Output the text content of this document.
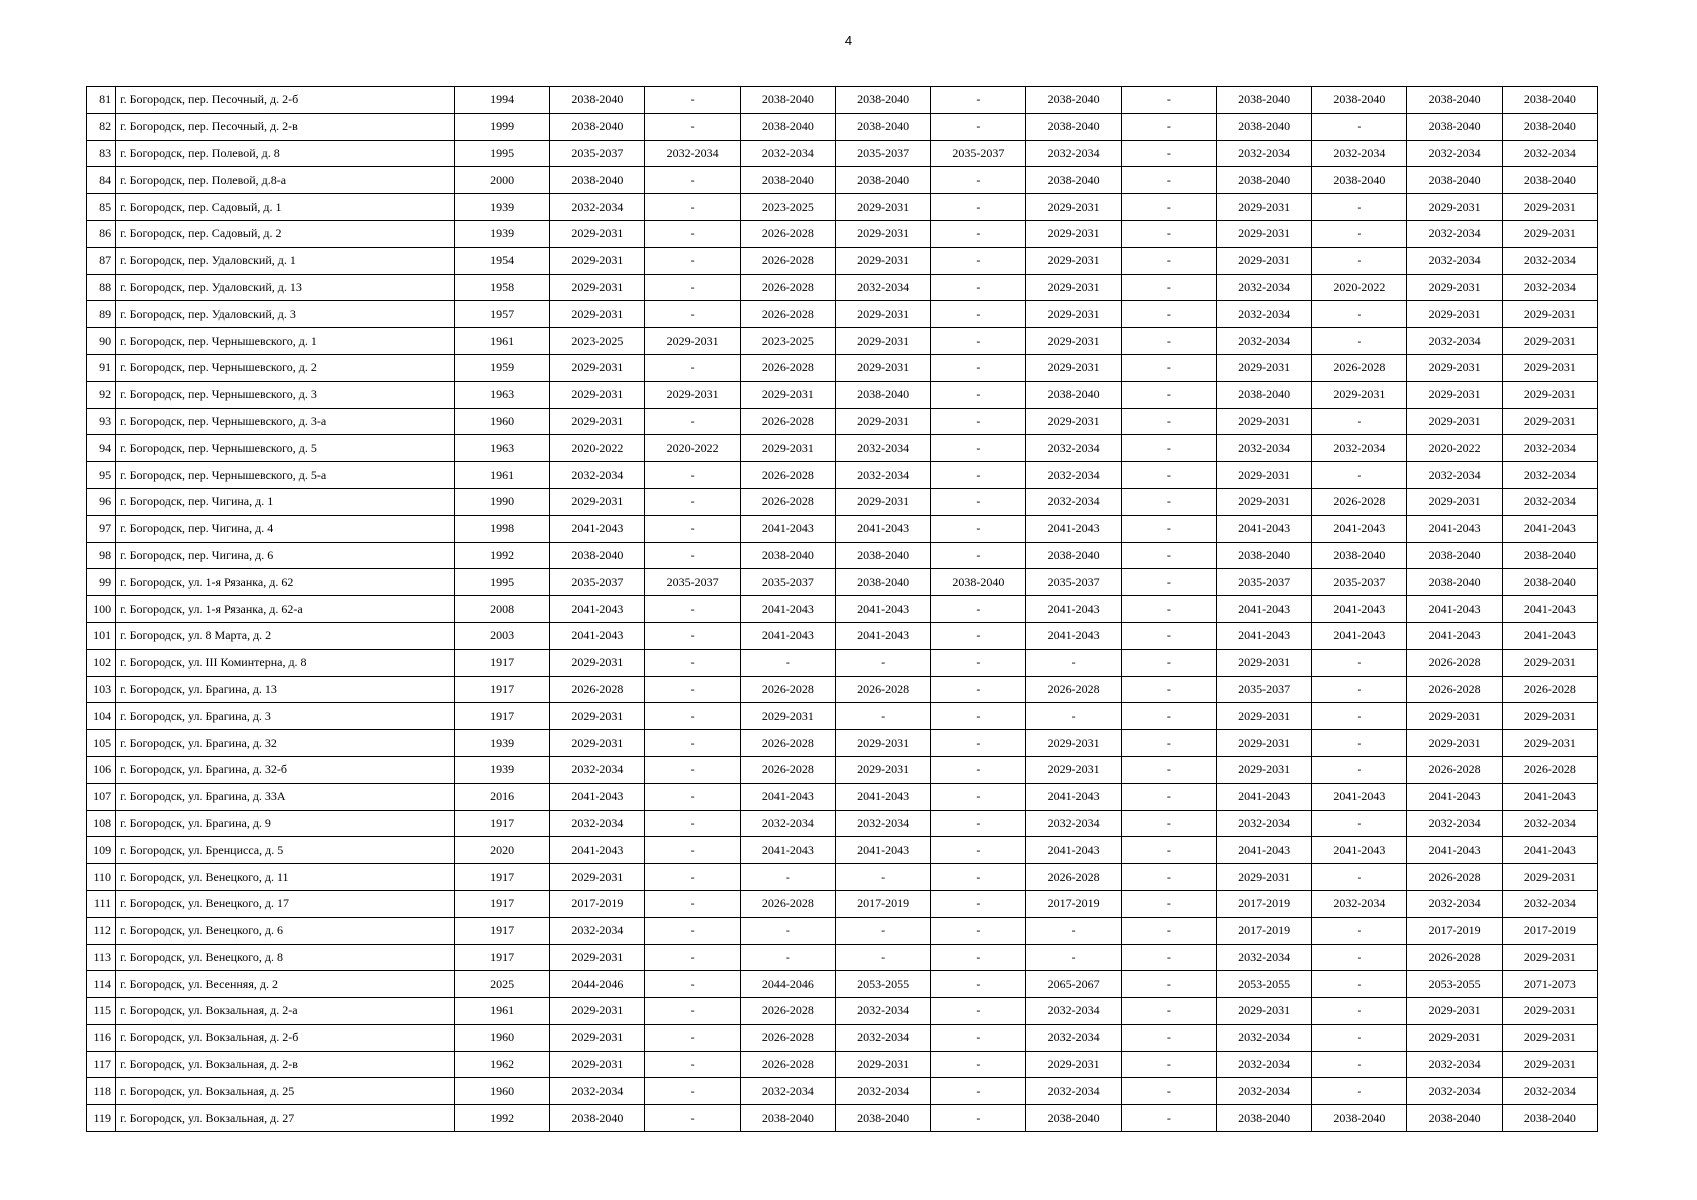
4
81	г. Богородск, пер. Песочный, д. 2-б	1994	2038-2040	-	2038-2040	2038-2040	-	2038-2040	-	2038-2040	2038-2040	2038-2040	2038-2040
82	г. Богородск, пер. Песочный, д. 2-в	1999	2038-2040	-	2038-2040	2038-2040	-	2038-2040	-	2038-2040	-	2038-2040	2038-2040
83	г. Богородск, пер. Полевой, д. 8	1995	2035-2037	2032-2034	2032-2034	2035-2037	2035-2037	2032-2034	-	2032-2034	2032-2034	2032-2034	2032-2034
84	г. Богородск, пер. Полевой, д.8-а	2000	2038-2040	-	2038-2040	2038-2040	-	2038-2040	-	2038-2040	2038-2040	2038-2040	2038-2040
85	г. Богородск, пер. Садовый, д. 1	1939	2032-2034	-	2023-2025	2029-2031	-	2029-2031	-	2029-2031	-	2029-2031	2029-2031
86	г. Богородск, пер. Садовый, д. 2	1939	2029-2031	-	2026-2028	2029-2031	-	2029-2031	-	2029-2031	-	2032-2034	2029-2031
87	г. Богородск, пер. Удаловский, д. 1	1954	2029-2031	-	2026-2028	2029-2031	-	2029-2031	-	2029-2031	-	2032-2034	2032-2034
88	г. Богородск, пер. Удаловский, д. 13	1958	2029-2031	-	2026-2028	2032-2034	-	2029-2031	-	2032-2034	2020-2022	2029-2031	2032-2034
89	г. Богородск, пер. Удаловский, д. 3	1957	2029-2031	-	2026-2028	2029-2031	-	2029-2031	-	2032-2034	-	2029-2031	2029-2031
90	г. Богородск, пер. Чернышевского, д. 1	1961	2023-2025	2029-2031	2023-2025	2029-2031	-	2029-2031	-	2032-2034	-	2032-2034	2029-2031
91	г. Богородск, пер. Чернышевского, д. 2	1959	2029-2031	-	2026-2028	2029-2031	-	2029-2031	-	2029-2031	2026-2028	2029-2031	2029-2031
92	г. Богородск, пер. Чернышевского, д. 3	1963	2029-2031	2029-2031	2029-2031	2038-2040	-	2038-2040	-	2038-2040	2029-2031	2029-2031	2029-2031
93	г. Богородск, пер. Чернышевского, д. 3-а	1960	2029-2031	-	2026-2028	2029-2031	-	2029-2031	-	2029-2031	-	2029-2031	2029-2031
94	г. Богородск, пер. Чернышевского, д. 5	1963	2020-2022	2020-2022	2029-2031	2032-2034	-	2032-2034	-	2032-2034	2032-2034	2020-2022	2032-2034
95	г. Богородск, пер. Чернышевского, д. 5-а	1961	2032-2034	-	2026-2028	2032-2034	-	2032-2034	-	2029-2031	-	2032-2034	2032-2034
96	г. Богородск, пер. Чигина, д. 1	1990	2029-2031	-	2026-2028	2029-2031	-	2032-2034	-	2029-2031	2026-2028	2029-2031	2032-2034
97	г. Богородск, пер. Чигина, д. 4	1998	2041-2043	-	2041-2043	2041-2043	-	2041-2043	-	2041-2043	2041-2043	2041-2043	2041-2043
98	г. Богородск, пер. Чигина, д. 6	1992	2038-2040	-	2038-2040	2038-2040	-	2038-2040	-	2038-2040	2038-2040	2038-2040	2038-2040
99	г. Богородск, ул. 1-я Рязанка, д. 62	1995	2035-2037	2035-2037	2035-2037	2038-2040	2038-2040	2035-2037	-	2035-2037	2035-2037	2038-2040	2038-2040
100	г. Богородск, ул. 1-я Рязанка, д. 62-а	2008	2041-2043	-	2041-2043	2041-2043	-	2041-2043	-	2041-2043	2041-2043	2041-2043	2041-2043
101	г. Богородск, ул. 8 Марта, д. 2	2003	2041-2043	-	2041-2043	2041-2043	-	2041-2043	-	2041-2043	2041-2043	2041-2043	2041-2043
102	г. Богородск, ул. III Коминтерна, д. 8	1917	2029-2031	-	-	-	-	-	-	2029-2031	-	2026-2028	2029-2031
103	г. Богородск, ул. Брагина, д. 13	1917	2026-2028	-	2026-2028	2026-2028	-	2026-2028	-	2035-2037	-	2026-2028	2026-2028
104	г. Богородск, ул. Брагина, д. 3	1917	2029-2031	-	2029-2031	-	-	-	-	2029-2031	-	2029-2031	2029-2031
105	г. Богородск, ул. Брагина, д. 32	1939	2029-2031	-	2026-2028	2029-2031	-	2029-2031	-	2029-2031	-	2029-2031	2029-2031
106	г. Богородск, ул. Брагина, д. 32-б	1939	2032-2034	-	2026-2028	2029-2031	-	2029-2031	-	2029-2031	-	2026-2028	2026-2028
107	г. Богородск, ул. Брагина, д. 33А	2016	2041-2043	-	2041-2043	2041-2043	-	2041-2043	-	2041-2043	2041-2043	2041-2043	2041-2043
108	г. Богородск, ул. Брагина, д. 9	1917	2032-2034	-	2032-2034	2032-2034	-	2032-2034	-	2032-2034	-	2032-2034	2032-2034
109	г. Богородск, ул. Бренцисса, д. 5	2020	2041-2043	-	2041-2043	2041-2043	-	2041-2043	-	2041-2043	2041-2043	2041-2043	2041-2043
110	г. Богородск, ул. Венецкого, д. 11	1917	2029-2031	-	-	-	-	2026-2028	-	2029-2031	-	2026-2028	2029-2031
111	г. Богородск, ул. Венецкого, д. 17	1917	2017-2019	-	2026-2028	2017-2019	-	2017-2019	-	2017-2019	2032-2034	2032-2034	2032-2034
112	г. Богородск, ул. Венецкого, д. 6	1917	2032-2034	-	-	-	-	-	-	2017-2019	-	2017-2019	2017-2019
113	г. Богородск, ул. Венецкого, д. 8	1917	2029-2031	-	-	-	-	-	-	2032-2034	-	2026-2028	2029-2031
114	г. Богородск, ул. Весенняя, д. 2	2025	2044-2046	-	2044-2046	2053-2055	-	2065-2067	-	2053-2055	-	2053-2055	2071-2073
115	г. Богородск, ул. Вокзальная, д. 2-а	1961	2029-2031	-	2026-2028	2032-2034	-	2032-2034	-	2029-2031	-	2029-2031	2029-2031
116	г. Богородск, ул. Вокзальная, д. 2-б	1960	2029-2031	-	2026-2028	2032-2034	-	2032-2034	-	2032-2034	-	2029-2031	2029-2031
117	г. Богородск, ул. Вокзальная, д. 2-в	1962	2029-2031	-	2026-2028	2029-2031	-	2029-2031	-	2032-2034	-	2032-2034	2029-2031
118	г. Богородск, ул. Вокзальная, д. 25	1960	2032-2034	-	2032-2034	2032-2034	-	2032-2034	-	2032-2034	-	2032-2034	2032-2034
119	г. Богородск, ул. Вокзальная, д. 27	1992	2038-2040	-	2038-2040	2038-2040	-	2038-2040	-	2038-2040	2038-2040	2038-2040	2038-2040
